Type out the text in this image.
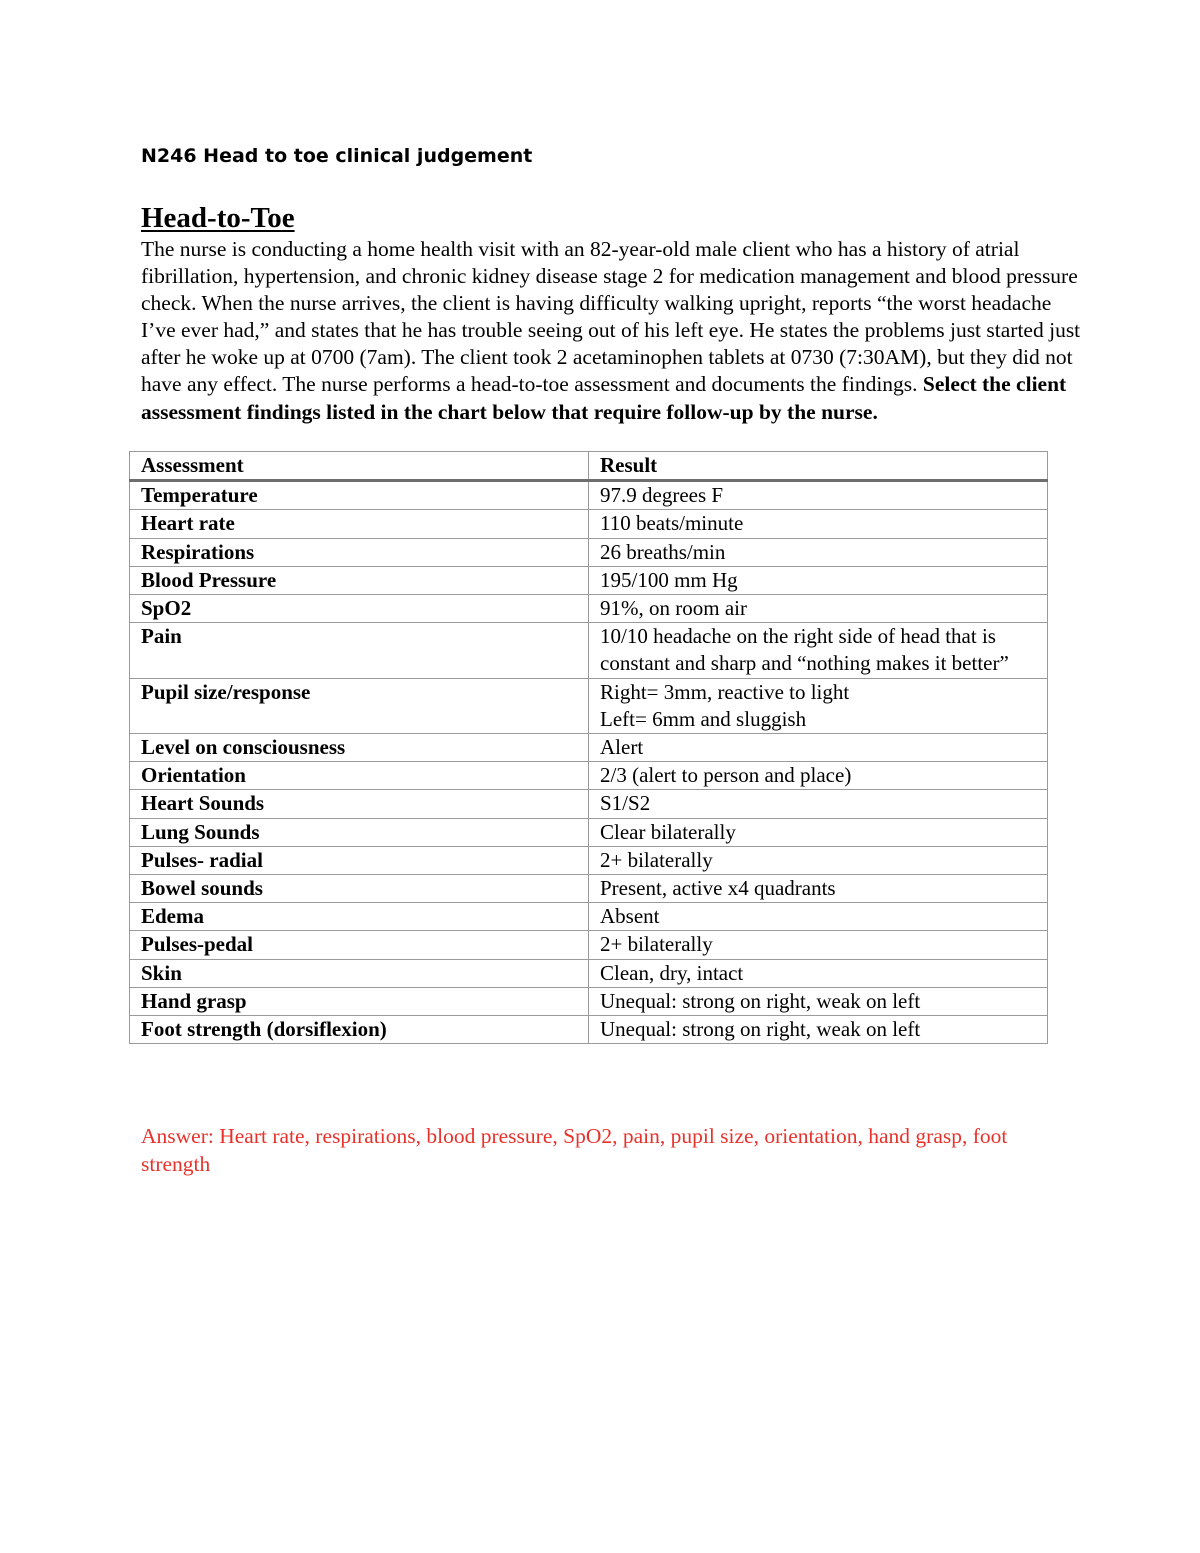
N246 Head to toe clinical judgement
Head-to-Toe

The nurse is conducting a home health visit with an 82-year-old male client who has a history of atrial fibrillation, hypertension, and chronic kidney disease stage 2 for medication management and blood pressure check. When the nurse arrives, the client is having difficulty walking upright, reports “the worst headache I’ve ever had,” and states that he has trouble seeing out of his left eye. He states the problems just started just after he woke up at 0700 (7am). The client took 2 acetaminophen tablets at 0730 (7:30AM), but they did not have any effect. The nurse performs a head-to-toe assessment and documents the findings. Select the client assessment findings listed in the chart below that require follow-up by the nurse.

Assessment	Result
Temperature	97.9 degrees F
Heart rate	110 beats/minute
Respirations	26 breaths/min
Blood Pressure	195/100 mm Hg
SpO2	91%, on room air
Pain	10/10 headache on the right side of head that is constant and sharp and “nothing makes it better”
Pupil size/response	Right= 3mm, reactive to light
Left= 6mm and sluggish

Level on consciousness	Alert
Orientation	2/3 (alert to person and place)
Heart Sounds	S1/S2
Lung Sounds	Clear bilaterally
Pulses- radial	2+ bilaterally
Bowel sounds	Present, active x4 quadrants
Edema	Absent
Pulses-pedal	2+ bilaterally
Skin	Clean, dry, intact
Hand grasp	Unequal: strong on right, weak on left
Foot strength (dorsiflexion)	Unequal: strong on right, weak on left

Answer: Heart rate, respirations, blood pressure, SpO2, pain, pupil size, orientation, hand grasp, foot strength
